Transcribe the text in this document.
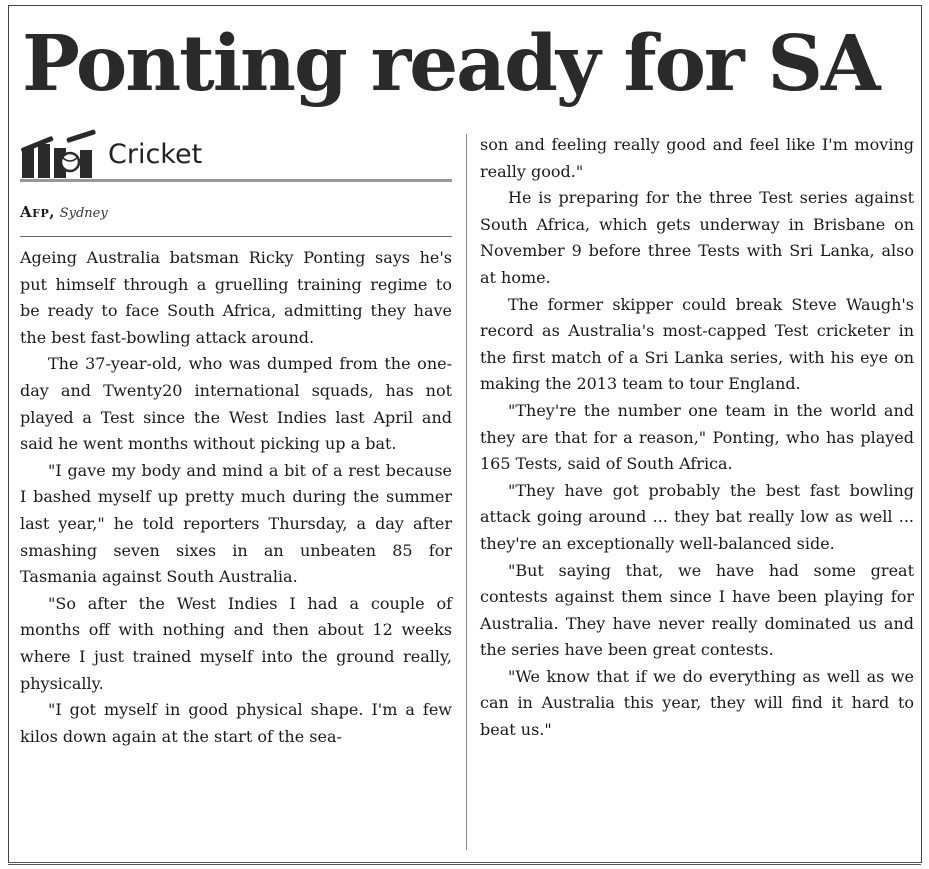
Ponting ready for SA
Cricket
Afp, Sydney

Ageing Australia batsman Ricky Ponting says he's put himself through a gruelling training regime to be ready to face South Africa, admitting they have the best fast-bowling attack around.

The 37-year-old, who was dumped from the one-day and Twenty20 international squads, has not played a Test since the West Indies last April and said he went months without picking up a bat.

"I gave my body and mind a bit of a rest because I bashed myself up pretty much during the summer last year," he told reporters Thursday, a day after smashing seven sixes in an unbeaten 85 for Tasmania against South Australia.

"So after the West Indies I had a couple of months off with nothing and then about 12 weeks where I just trained myself into the ground really, physically.

"I got myself in good physical shape. I'm a few kilos down again at the start of the sea-

son and feeling really good and feel like I'm moving really good."

He is preparing for the three Test series against South Africa, which gets underway in Brisbane on November 9 before three Tests with Sri Lanka, also at home.

The former skipper could break Steve Waugh's record as Australia's most-capped Test cricketer in the first match of a Sri Lanka series, with his eye on making the 2013 team to tour England.

"They're the number one team in the world and they are that for a reason," Ponting, who has played 165 Tests, said of South Africa.

"They have got probably the best fast bowling attack going around ... they bat really low as well ... they're an exceptionally well-balanced side.

"But saying that, we have had some great contests against them since I have been playing for Australia. They have never really dominated us and the series have been great contests.

"We know that if we do everything as well as we can in Australia this year, they will find it hard to beat us."
